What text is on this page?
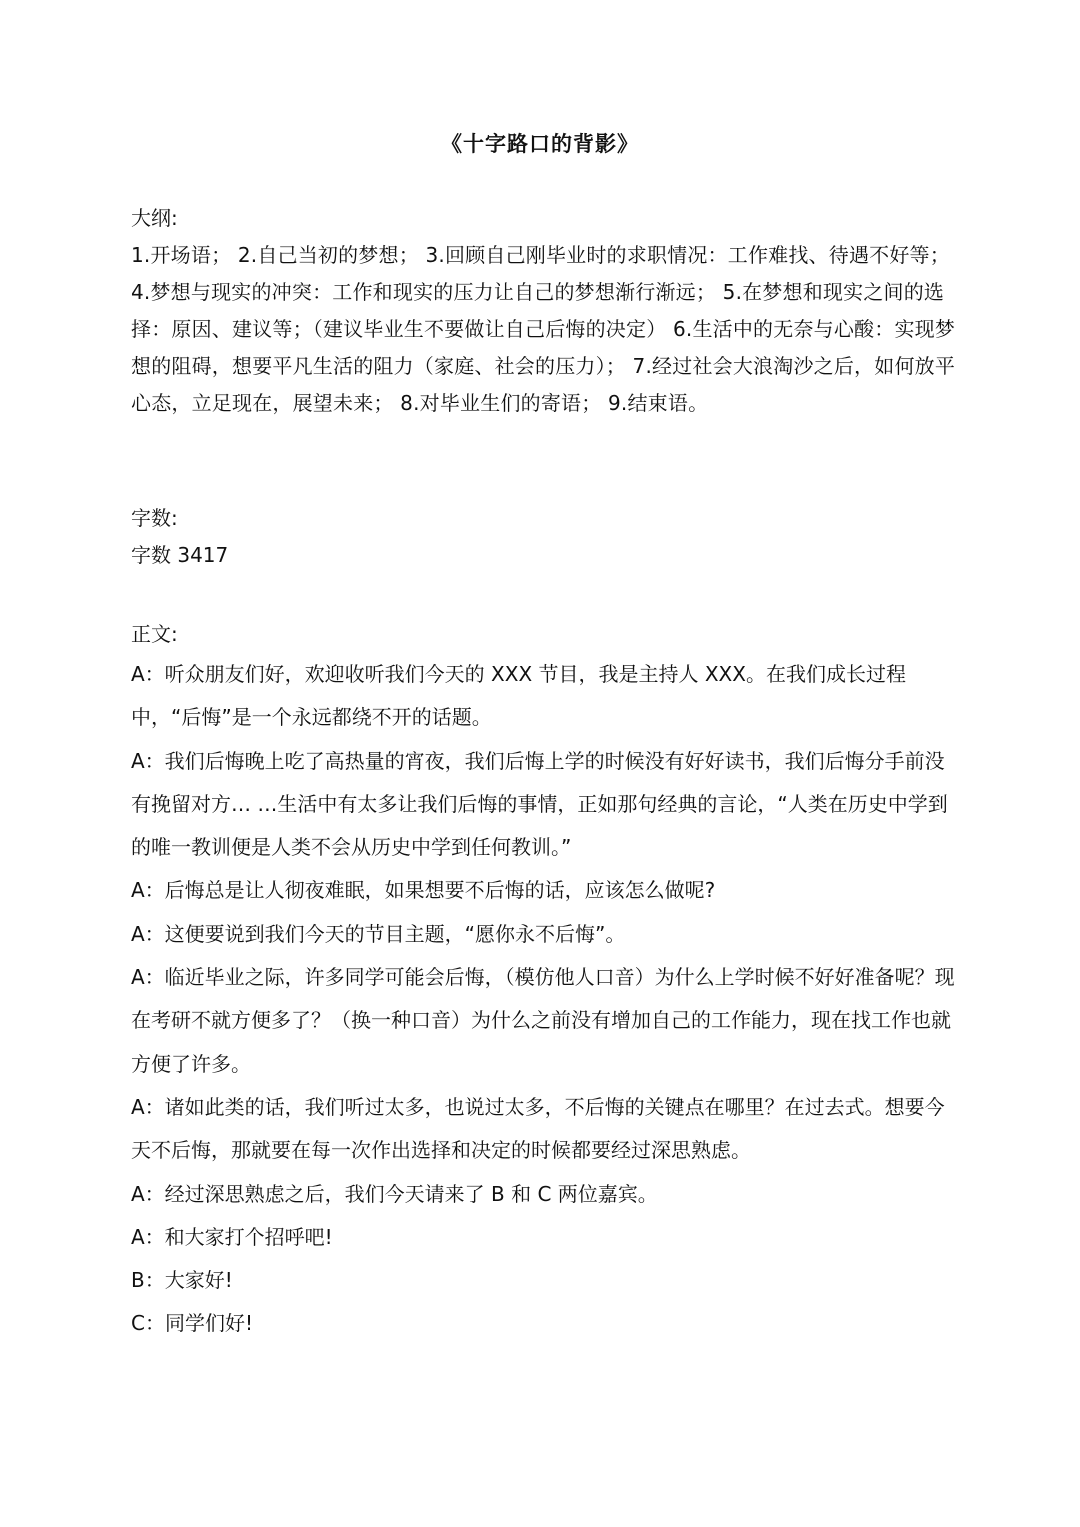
《十字路口的背影》
大纲:
1.开场语； 2.自己当初的梦想； 3.回顾自己刚毕业时的求职情况：工作难找、待遇不好等； 4.梦想与现实的冲突：工作和现实的压力让自己的梦想渐行渐远； 5.在梦想和现实之间的选择：原因、建议等；（建议毕业生不要做让自己后悔的决定） 6.生活中的无奈与心酸：实现梦想的阻碍，想要平凡生活的阻力（家庭、社会的压力）； 7.经过社会大浪淘沙之后，如何放平心态，立足现在，展望未来； 8.对毕业生们的寄语； 9.结束语。
字数:
字数 3417
正文:
A：听众朋友们好，欢迎收听我们今天的 XXX 节目，我是主持人 XXX。在我们成长过程中，“后悔”是一个永远都绕不开的话题。
A：我们后悔晚上吃了高热量的宵夜，我们后悔上学的时候没有好好读书，我们后悔分手前没有挽留对方… …生活中有太多让我们后悔的事情，正如那句经典的言论，“人类在历史中学到的唯一教训便是人类不会从历史中学到任何教训。”
A：后悔总是让人彻夜难眠，如果想要不后悔的话，应该怎么做呢?
A：这便要说到我们今天的节目主题，“愿你永不后悔”。
A：临近毕业之际，许多同学可能会后悔，（模仿他人口音）为什么上学时候不好好准备呢？现在考研不就方便多了？（换一种口音）为什么之前没有增加自己的工作能力，现在找工作也就方便了许多。
A：诸如此类的话，我们听过太多，也说过太多，不后悔的关键点在哪里？在过去式。想要今天不后悔，那就要在每一次作出选择和决定的时候都要经过深思熟虑。
A：经过深思熟虑之后，我们今天请来了 B 和 C 两位嘉宾。
A：和大家打个招呼吧!
B：大家好!
C：同学们好!
